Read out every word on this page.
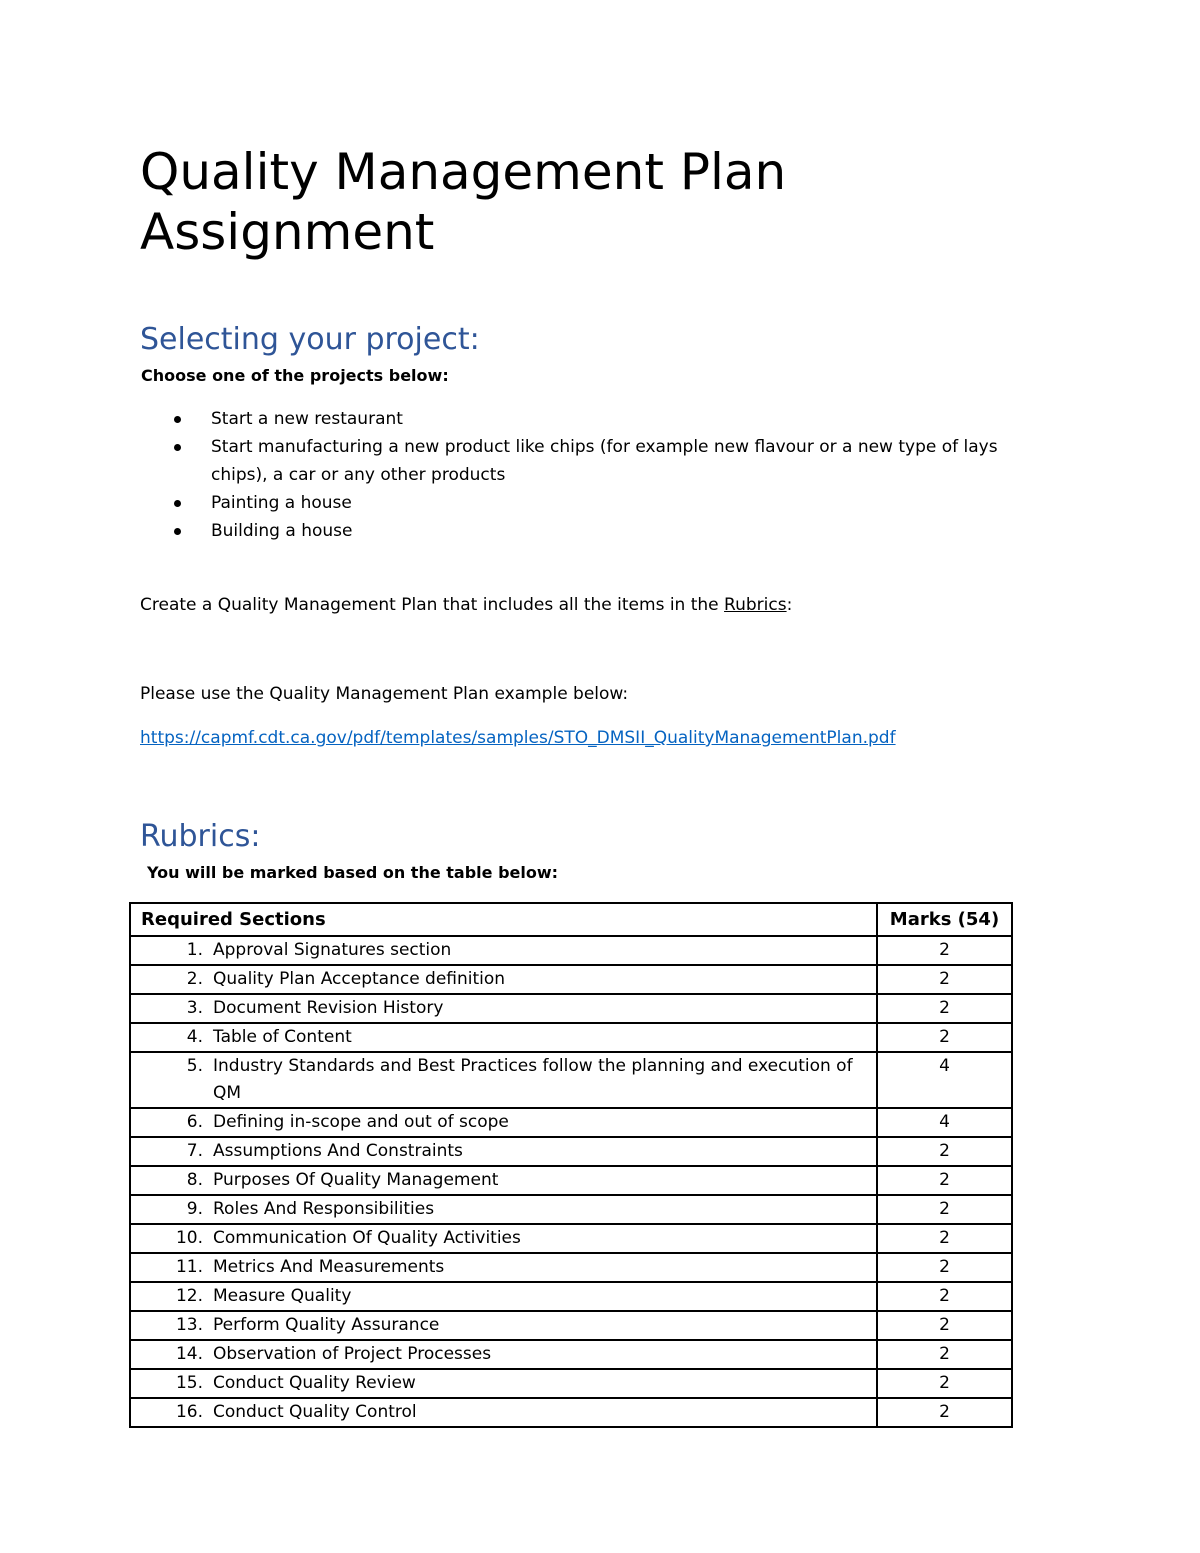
Quality Management Plan Assignment
Selecting your project:

Choose one of the projects below:

Start a new restaurant
Start manufacturing a new product like chips (for example new flavour or a new type of lays chips), a car or any other products
Painting a house
Building a house

Create a Quality Management Plan that includes all the items in the Rubrics:

Please use the Quality Management Plan example below:

https://capmf.cdt.ca.gov/pdf/templates/samples/STO_DMSII_QualityManagementPlan.pdf

Rubrics:

You will be marked based on the table below:

Required Sections	Marks (54)

1. Approval Signatures section	2

2. Quality Plan Acceptance definition	2

3. Document Revision History	2

4. Table of Content	2

5. Industry Standards and Best Practices follow the planning and execution of QM	4

6. Defining in-scope and out of scope	4

7. Assumptions And Constraints	2

8. Purposes Of Quality Management	2

9. Roles And Responsibilities	2

10. Communication Of Quality Activities	2

11. Metrics And Measurements	2

12. Measure Quality	2

13. Perform Quality Assurance	2

14. Observation of Project Processes	2

15. Conduct Quality Review	2

16. Conduct Quality Control	2
